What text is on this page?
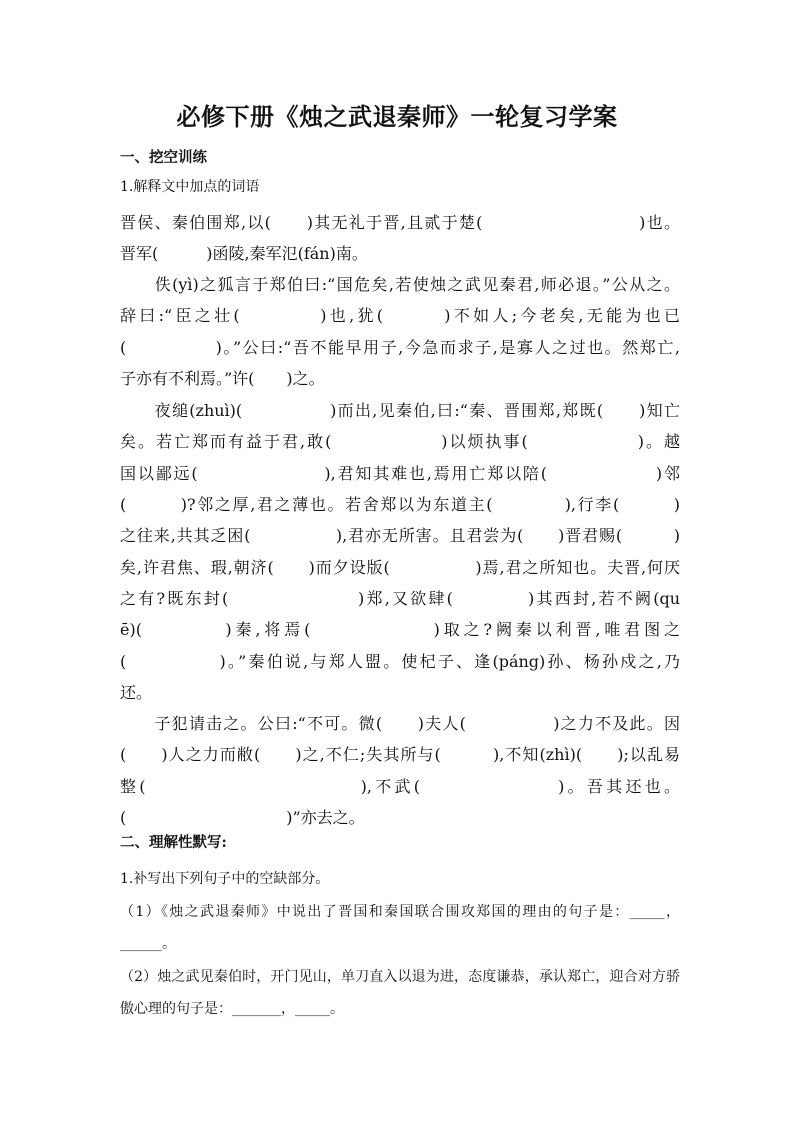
必修下册《烛之武退秦师》一轮复习学案
一、挖空训练
1.解释文中加点的词语
晋侯、秦伯围郑,以(　　)其无礼于晋,且贰于楚(　　　　　　　　　)也。
晋军(　　　)函陵,秦军氾(fán)南。
　　佚(yì)之狐言于郑伯曰:“国危矣,若使烛之武见秦君,师必退。”公从之。
辞曰:“臣之壮(　　　　)也,犹(　　　)不如人;今老矣,无能为也已
(　　　　　)。”公曰:“吾不能早用子,今急而求子,是寡人之过也。然郑亡,
子亦有不利焉。”许(　　)之。
　　夜缒(zhuì)(　　　　　)而出,见秦伯,曰:“秦、晋围郑,郑既(　　)知亡
矣。若亡郑而有益于君,敢(　　　　　　)以烦执事(　　　　　　)。越
国以鄙远(　　　　　　　),君知其难也,焉用亡郑以陪(　　　　　　)邻
(　　　)?邻之厚,君之薄也。若舍郑以为东道主(　　　　),行李(　　　)
之往来,共其乏困(　　　　　),君亦无所害。且君尝为(　　)晋君赐(　　　)
矣,许君焦、瑕,朝济(　　)而夕设版(　　　　　)焉,君之所知也。夫晋,何厌
之有?既东封(　　　　　　　)郑,又欲肆(　　　　)其西封,若不阙(qu
ē)(　　　　)秦,将焉(　　　　　　)取之?阙秦以利晋,唯君图之
(　　　　　)。”秦伯说,与郑人盟。使杞子、逢(páng)孙、杨孙戍之,乃
还。
　　子犯请击之。公曰:“不可。微(　　)夫人(　　　　　)之力不及此。因
(　　)人之力而敝(　　)之,不仁;失其所与(　　　),不知(zhì)(　　);以乱易
整(　　　　　　　　　　　),不武(　　　　　　　)。吾其还也。
(　　　　　　　　　　)”亦去之。
二、理解性默写:
1.补写出下列句子中的空缺部分。
（1）《烛之武退秦师》中说出了晋国和秦国联合围攻郑国的理由的句子是：_____，
______。
（2）烛之武见秦伯时，开门见山，单刀直入以退为进，态度谦恭，承认郑亡，迎合对方骄
傲心理的句子是：_______，_____。
